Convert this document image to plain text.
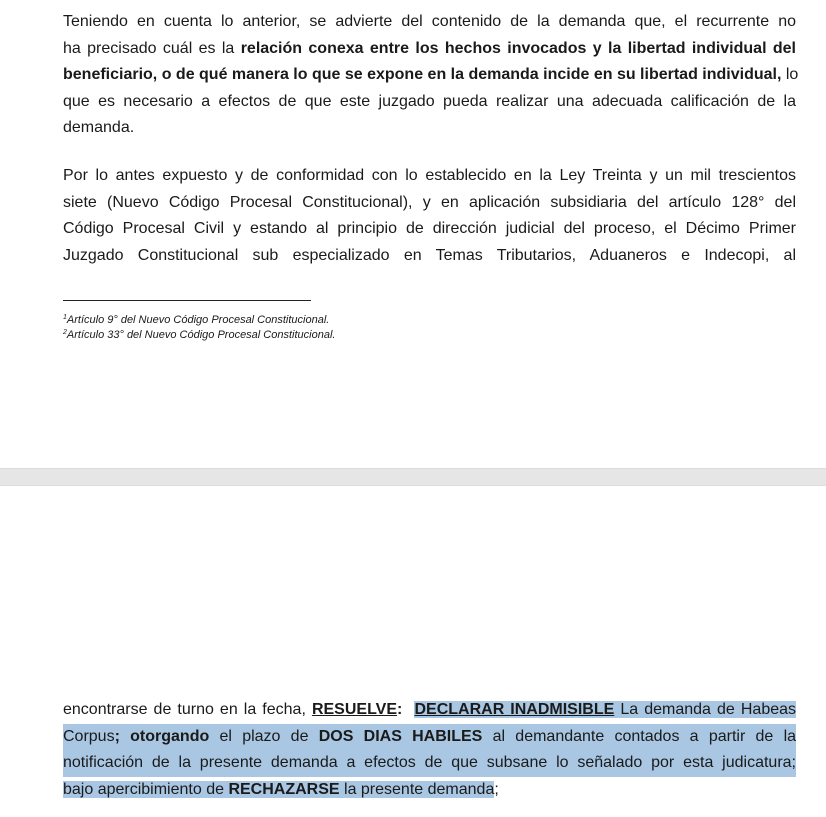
Teniendo en cuenta lo anterior, se advierte del contenido de la demanda que, el recurrente no
ha precisado cuál es la relación conexa entre los hechos invocados y la libertad individual del
beneficiario, o de qué manera lo que se expone en la demanda incide en su libertad individual, lo
que es necesario a efectos de que este juzgado pueda realizar una adecuada calificación de la
demanda.
Por lo antes expuesto y de conformidad con lo establecido en la Ley Treinta y un mil trescientos
siete (Nuevo Código Procesal Constitucional), y en aplicación subsidiaria del artículo 128° del
Código Procesal Civil y estando al principio de dirección judicial del proceso, el Décimo Primer
Juzgado Constitucional sub especializado en Temas Tributarios, Aduaneros e Indecopi, al
$^1$Artículo 9° del Nuevo Código Procesal Constitucional.
$^2$Artículo 33° del Nuevo Código Procesal Constitucional.
encontrarse de turno en la fecha, RESUELVE: DECLARAR INADMISIBLE La demanda de Habeas
Corpus; otorgando el plazo de DOS DIAS HABILES al demandante contados a partir de la
notificación de la presente demanda a efectos de que subsane lo señalado por esta judicatura;
bajo apercibimiento de RECHAZARSE la presente demanda;
